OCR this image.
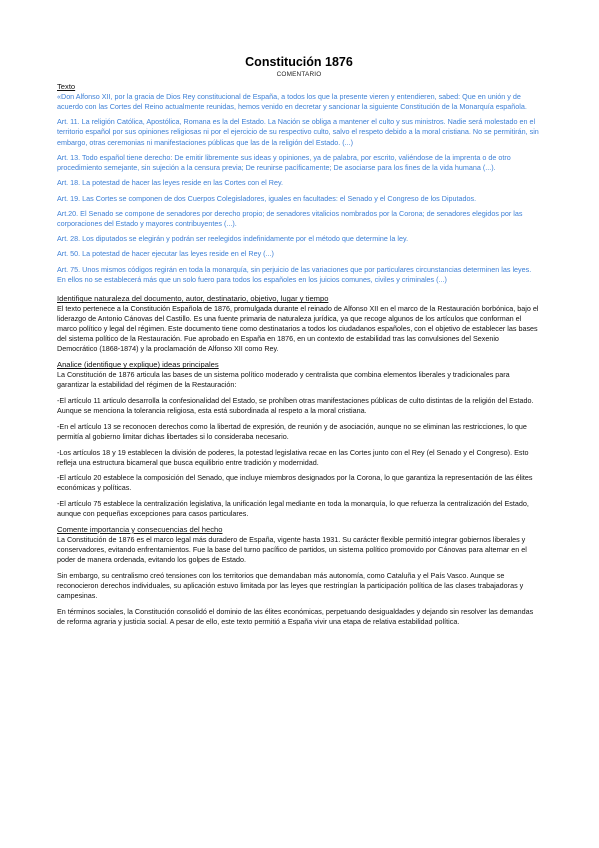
Constitución 1876
COMENTARIO
Texto

«Don Alfonso XII, por la gracia de Dios Rey constitucional de España, a todos los que la presente vieren y entendieren, sabed: Que en unión y de acuerdo con las Cortes del Reino actualmente reunidas, hemos venido en decretar y sancionar la siguiente Constitución de la Monarquía española.

Art. 11. La religión Católica, Apostólica, Romana es la del Estado. La Nación se obliga a mantener el culto y sus ministros. Nadie será molestado en el territorio español por sus opiniones religiosas ni por el ejercicio de su respectivo culto, salvo el respeto debido a la moral cristiana. No se permitirán, sin embargo, otras ceremonias ni manifestaciones públicas que las de la religión del Estado. (...)

Art. 13. Todo español tiene derecho: De emitir libremente sus ideas y opiniones, ya de palabra, por escrito, valiéndose de la imprenta o de otro procedimiento semejante, sin sujeción a la censura previa; De reunirse pacíficamente; De asociarse para los fines de la vida humana (...).

Art. 18. La potestad de hacer las leyes reside en las Cortes con el Rey.

Art. 19. Las Cortes se componen de dos Cuerpos Colegisladores, iguales en facultades: el Senado y el Congreso de los Diputados.

Art.20. El Senado se compone de senadores por derecho propio; de senadores vitalicios nombrados por la Corona; de senadores elegidos por las corporaciones del Estado y mayores contribuyentes (...).

Art. 28. Los diputados se elegirán y podrán ser reelegidos indefinidamente por el método que determine la ley.

Art. 50. La potestad de hacer ejecutar las leyes reside en el Rey (...)

Art. 75. Unos mismos códigos regirán en toda la monarquía, sin perjuicio de las variaciones que por particulares circunstancias determinen las leyes. En ellos no se establecerá más que un solo fuero para todos los españoles en los juicios comunes, civiles y criminales (...)

Identifique naturaleza del documento, autor, destinatario, objetivo, lugar y tiempo

El texto pertenece a la Constitución Española de 1876, promulgada durante el reinado de Alfonso XII en el marco de la Restauración borbónica, bajo el liderazgo de Antonio Cánovas del Castillo. Es una fuente primaria de naturaleza jurídica, ya que recoge algunos de los artículos que conforman el marco político y legal del régimen. Este documento tiene como destinatarios a todos los ciudadanos españoles, con el objetivo de establecer las bases del sistema político de la Restauración. Fue aprobado en España en 1876, en un contexto de estabilidad tras las convulsiones del Sexenio Democrático (1868-1874) y la proclamación de Alfonso XII como Rey.

Analice (identifique y explique) ideas principales

La Constitución de 1876 articula las bases de un sistema político moderado y centralista que combina elementos liberales y tradicionales para garantizar la estabilidad del régimen de la Restauración:

-El artículo 11 articulo desarrolla la confesionalidad del Estado, se prohíben otras manifestaciones públicas de culto distintas de la religión del Estado. Aunque se menciona la tolerancia religiosa, esta está subordinada al respeto a la moral cristiana.

-En el artículo 13 se reconocen derechos como la libertad de expresión, de reunión y de asociación, aunque no se eliminan las restricciones, lo que permitía al gobierno limitar dichas libertades si lo consideraba necesario.

-Los artículos 18 y 19 establecen la división de poderes, la potestad legislativa recae en las Cortes junto con el Rey (el Senado y el Congreso). Esto refleja una estructura bicameral que busca equilibrio entre tradición y modernidad.

-El artículo 20 establece la composición del Senado, que incluye miembros designados por la Corona, lo que garantiza la representación de las élites económicas y políticas.

-El artículo 75 establece la centralización legislativa, la unificación legal mediante en toda la monarquía, lo que refuerza la centralización del Estado, aunque con pequeñas excepciones para casos particulares.

Comente importancia y consecuencias del hecho

La Constitución de 1876 es el marco legal más duradero de España, vigente hasta 1931. Su carácter flexible permitió integrar gobiernos liberales y conservadores, evitando enfrentamientos. Fue la base del turno pacífico de partidos, un sistema político promovido por Cánovas para alternar en el poder de manera ordenada, evitando los golpes de Estado.

Sin embargo, su centralismo creó tensiones con los territorios que demandaban más autonomía, como Cataluña y el País Vasco. Aunque se reconocieron derechos individuales, su aplicación estuvo limitada por las leyes que restringían la participación política de las clases trabajadoras y campesinas.

En términos sociales, la Constitución consolidó el dominio de las élites económicas, perpetuando desigualdades y dejando sin resolver las demandas de reforma agraria y justicia social. A pesar de ello, este texto permitió a España vivir una etapa de relativa estabilidad política.
